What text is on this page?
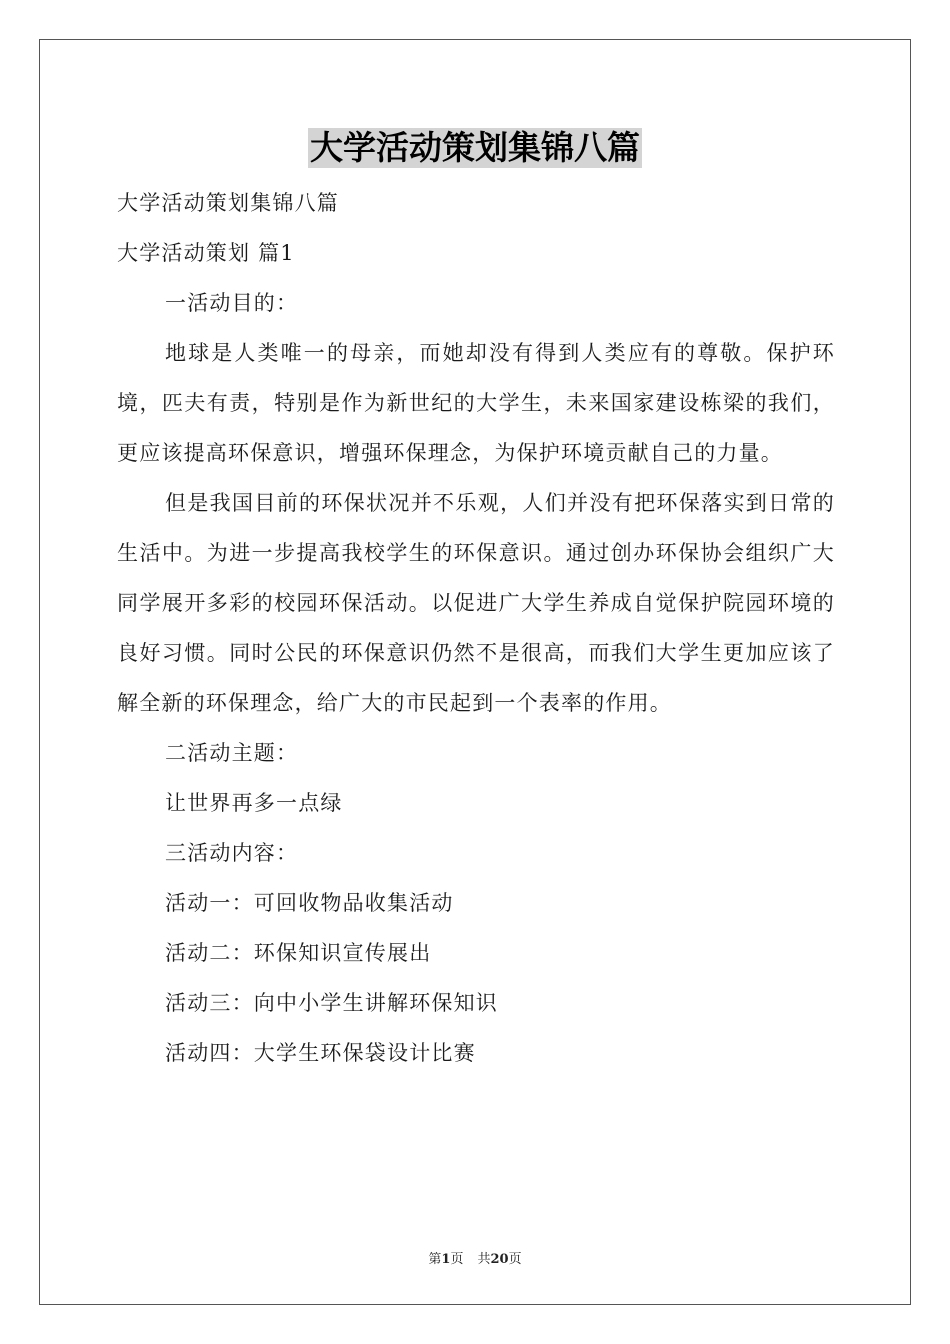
大学活动策划集锦八篇

大学活动策划集锦八篇

大学活动策划 篇1

一活动目的：

地球是人类唯一的母亲，而她却没有得到人类应有的尊敬。保护环境，匹夫有责，特别是作为新世纪的大学生，未来国家建设栋梁的我们，更应该提高环保意识，增强环保理念，为保护环境贡献自己的力量。

但是我国目前的环保状况并不乐观，人们并没有把环保落实到日常的生活中。为进一步提高我校学生的环保意识。通过创办环保协会组织广大同学展开多彩的校园环保活动。以促进广大学生养成自觉保护院园环境的良好习惯。同时公民的环保意识仍然不是很高，而我们大学生更加应该了解全新的环保理念，给广大的市民起到一个表率的作用。

二活动主题：

让世界再多一点绿

三活动内容：

活动一：可回收物品收集活动

活动二：环保知识宣传展出

活动三：向中小学生讲解环保知识

活动四：大学生环保袋设计比赛

第1页 共20页
